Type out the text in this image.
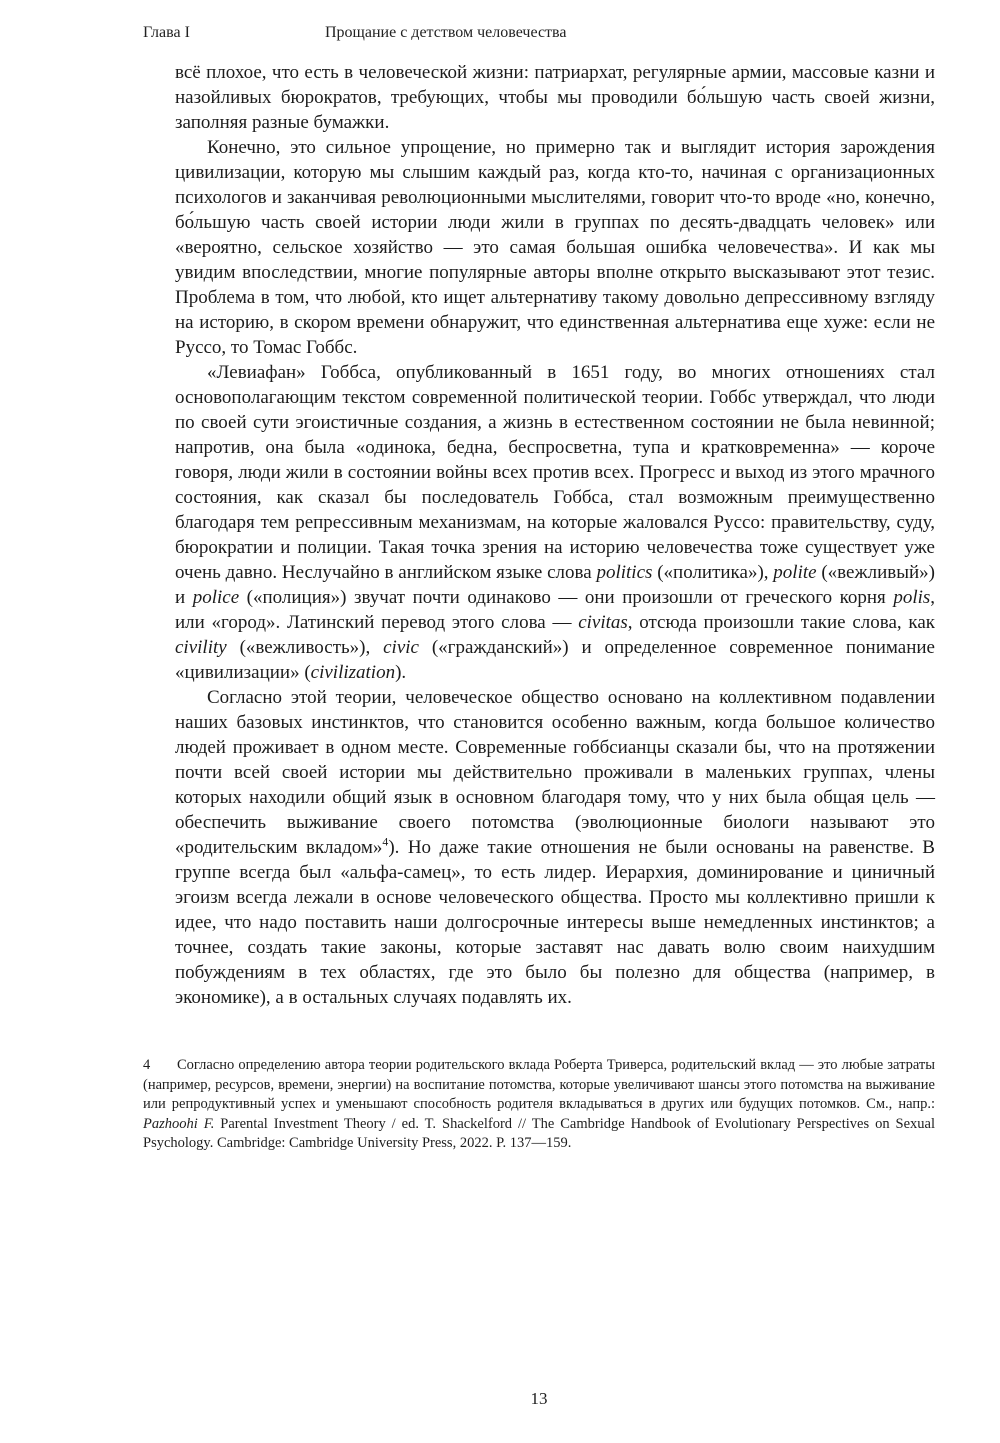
Глава I	Прощание с детством человечества

всё плохое, что есть в человеческой жизни: патриархат, регулярные армии, массовые казни и назойливых бюрократов, требующих, чтобы мы проводили бо́льшую часть своей жизни, заполняя разные бумажки.

Конечно, это сильное упрощение, но примерно так и выглядит история зарождения цивилизации, которую мы слышим каждый раз, когда кто-то, начиная с организационных психологов и заканчивая революционными мыслителями, говорит что-то вроде «но, конечно, бо́льшую часть своей истории люди жили в группах по десять-двадцать человек» или «вероятно, сельское хозяйство — это самая большая ошибка человечества». И как мы увидим впоследствии, многие популярные авторы вполне открыто высказывают этот тезис. Проблема в том, что любой, кто ищет альтернативу такому довольно депрессивному взгляду на историю, в скором времени обнаружит, что единственная альтернатива еще хуже: если не Руссо, то Томас Гоббс.

«Левиафан» Гоббса, опубликованный в 1651 году, во многих отношениях стал основополагающим текстом современной политической теории. Гоббс утверждал, что люди по своей сути эгоистичные создания, а жизнь в естественном состоянии не была невинной; напротив, она была «одинока, бедна, беспросветна, тупа и кратковременна» — короче говоря, люди жили в состоянии войны всех против всех. Прогресс и выход из этого мрачного состояния, как сказал бы последователь Гоббса, стал возможным преимущественно благодаря тем репрессивным механизмам, на которые жаловался Руссо: правительству, суду, бюрократии и полиции. Такая точка зрения на историю человечества тоже существует уже очень давно. Неслучайно в английском языке слова politics («политика»), polite («вежливый») и police («полиция») звучат почти одинаково — они произошли от греческого корня polis, или «город». Латинский перевод этого слова — civitas, отсюда произошли такие слова, как civility («вежливость»), civic («гражданский») и определенное современное понимание «цивилизации» (civilization).

Согласно этой теории, человеческое общество основано на коллективном подавлении наших базовых инстинктов, что становится особенно важным, когда большое количество людей проживает в одном месте. Современные гоббсианцы сказали бы, что на протяжении почти всей своей истории мы действительно проживали в маленьких группах, члены которых находили общий язык в основном благодаря тому, что у них была общая цель — обеспечить выживание своего потомства (эволюционные биологи называют это «родительским вкладом»$^4$). Но даже такие отношения не были основаны на равенстве. В группе всегда был «альфа-самец», то есть лидер. Иерархия, доминирование и циничный эгоизм всегда лежали в основе человеческого общества. Просто мы коллективно пришли к идее, что надо поставить наши долгосрочные интересы выше немедленных инстинктов; а точнее, создать такие законы, которые заставят нас давать волю своим наихудшим побуждениям в тех областях, где это было бы полезно для общества (например, в экономике), а в остальных случаях подавлять их.

4 Согласно определению автора теории родительского вклада Роберта Триверса, родительский вклад — это любые затраты (например, ресурсов, времени, энергии) на воспитание потомства, которые увеличивают шансы этого потомства на выживание или репродуктивный успех и уменьшают способность родителя вкладываться в других или будущих потомков. См., напр.: Pazhoohi F. Parental Investment Theory / ed. T. Shackelford // The Cambridge Handbook of Evolutionary Perspectives on Sexual Psychology. Cambridge: Cambridge University Press, 2022. P. 137—159.
13
